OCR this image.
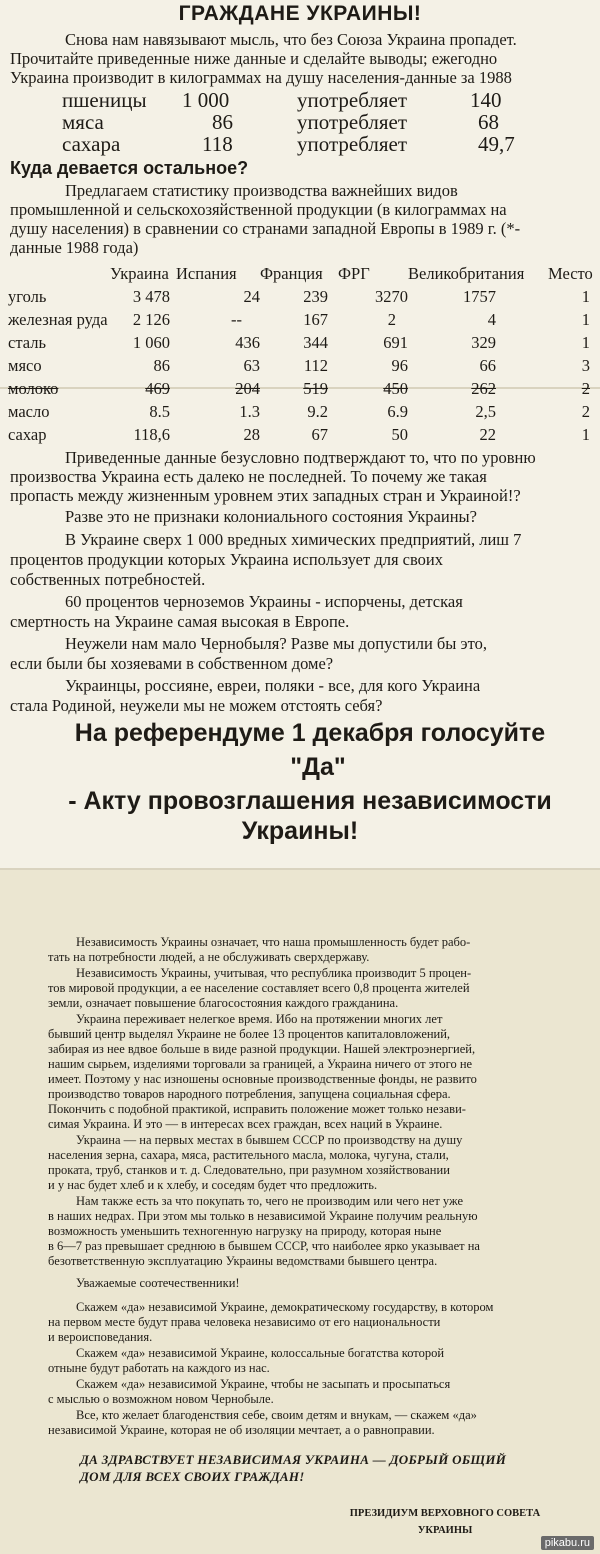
ГРАЖДАНЕ УКРАИНЫ!
Снова нам навязывают мысль, что без Союза Украина пропадет.
Прочитайте приведенные ниже данные и сделайте выводы; ежегодно
Украина производит в килограммах на душу населения-данные за 1988
пшеницы 1 000	употребляет	140
мяса	86	употребляет	68
сахара	118	употребляет	49,7
Куда девается остальное?
Предлагаем статистику производства важнейших видов
промышленной и сельскохозяйственной продукции (в килограммах на
душу населения) в сравнении со странами западной Европы в 1989 г. (*-
данные 1988 года)
	Украина	Испания	Франция	ФРГ	Великобритания	Место
уголь	3 478	24	239	3270	1757	1
железная руда	2 126	--	167	2	4	1
сталь	1 060	436	344	691	329	1
мясо	86	63	112	96	66	3
молоко	469	204	519	450	262	2
масло	8.5	1.3	9.2	6.9	2,5	2
сахар	118,6	28	67	50	22	1
Приведенные данные безусловно подтверждают то, что по уровню
произвоства Украина есть далеко не последней. То почему же такая
пропасть между жизненным уровнем этих западных стран и Украиной!?
Разве это не признаки колониального состояния Украины?
В Украине сверх 1 000 вредных химических предприятий, лиш 7
процентов продукции которых Украина использует для своих
собственных потребностей.
60 процентов черноземов Украины - испорчены, детская
смертность на Украине самая высокая в Европе.
Неужели нам мало Чернобыля? Разве мы допустили бы это,
если были бы хозяевами в собственном доме?
Украинцы, россияне, евреи, поляки - все, для кого Украина
стала Родиной, неужели мы не можем отстоять себя?
На референдуме 1 декабря голосуйте
"Да"
- Акту провозглашения независимости
Украины!
Независимость Украины означает, что наша промышленность будет рабо-
тать на потребности людей, а не обслуживать сверхдержаву.
Независимость Украины, учитывая, что республика производит 5 процен-
тов мировой продукции, а ее население составляет всего 0,8 процента жителей
земли, означает повышение благосостояния каждого гражданина.
Украина переживает нелегкое время. Ибо на протяжении многих лет
бывший центр выделял Украине не более 13 процентов капиталовложений,
забирая из нее вдвое больше в виде разной продукции. Нашей электроэнергией,
нашим сырьем, изделиями торговали за границей, а Украина ничего от этого не
имеет. Поэтому у нас изношены основные производственные фонды, не развито
производство товаров народного потребления, запущена социальная сфера.
Покончить с подобной практикой, исправить положение может только незави-
симая Украина. И это — в интересах всех граждан, всех наций в Украине.
Украина — на первых местах в бывшем СССР по производству на душу
населения зерна, сахара, мяса, растительного масла, молока, чугуна, стали,
проката, труб, станков и т. д. Следовательно, при разумном хозяйствовании
и у нас будет хлеб и к хлебу, и соседям будет что предложить.
Нам также есть за что покупать то, чего не производим или чего нет уже
в наших недрах. При этом мы только в независимой Украине получим реальную
возможность уменьшить техногенную нагрузку на природу, которая ныне
в 6—7 раз превышает среднюю в бывшем СССР, что наиболее ярко указывает на
безответственную эксплуатацию Украины ведомствами бывшего центра.
Уважаемые соотечественники!
Скажем «да» независимой Украине, демократическому государству, в котором
на первом месте будут права человека независимо от его национальности
и вероисповедания.
Скажем «да» независимой Украине, колоссальные богатства которой
отныне будут работать на каждого из нас.
Скажем «да» независимой Украине, чтобы не засыпать и просыпаться
с мыслью о возможном новом Чернобыле.
Все, кто желает благоденствия себе, своим детям и внукам, — скажем «да»
независимой Украине, которая не об изоляции мечтает, а о равноправии.
ДА ЗДРАВСТВУЕТ НЕЗАВИСИМАЯ УКРАИНА — ДОБРЫЙ ОБЩИЙ
ДОМ ДЛЯ ВСЕХ СВОИХ ГРАЖДАН!
ПРЕЗИДИУМ ВЕРХОВНОГО СОВЕТА
УКРАИНЫ
pikabu.ru
